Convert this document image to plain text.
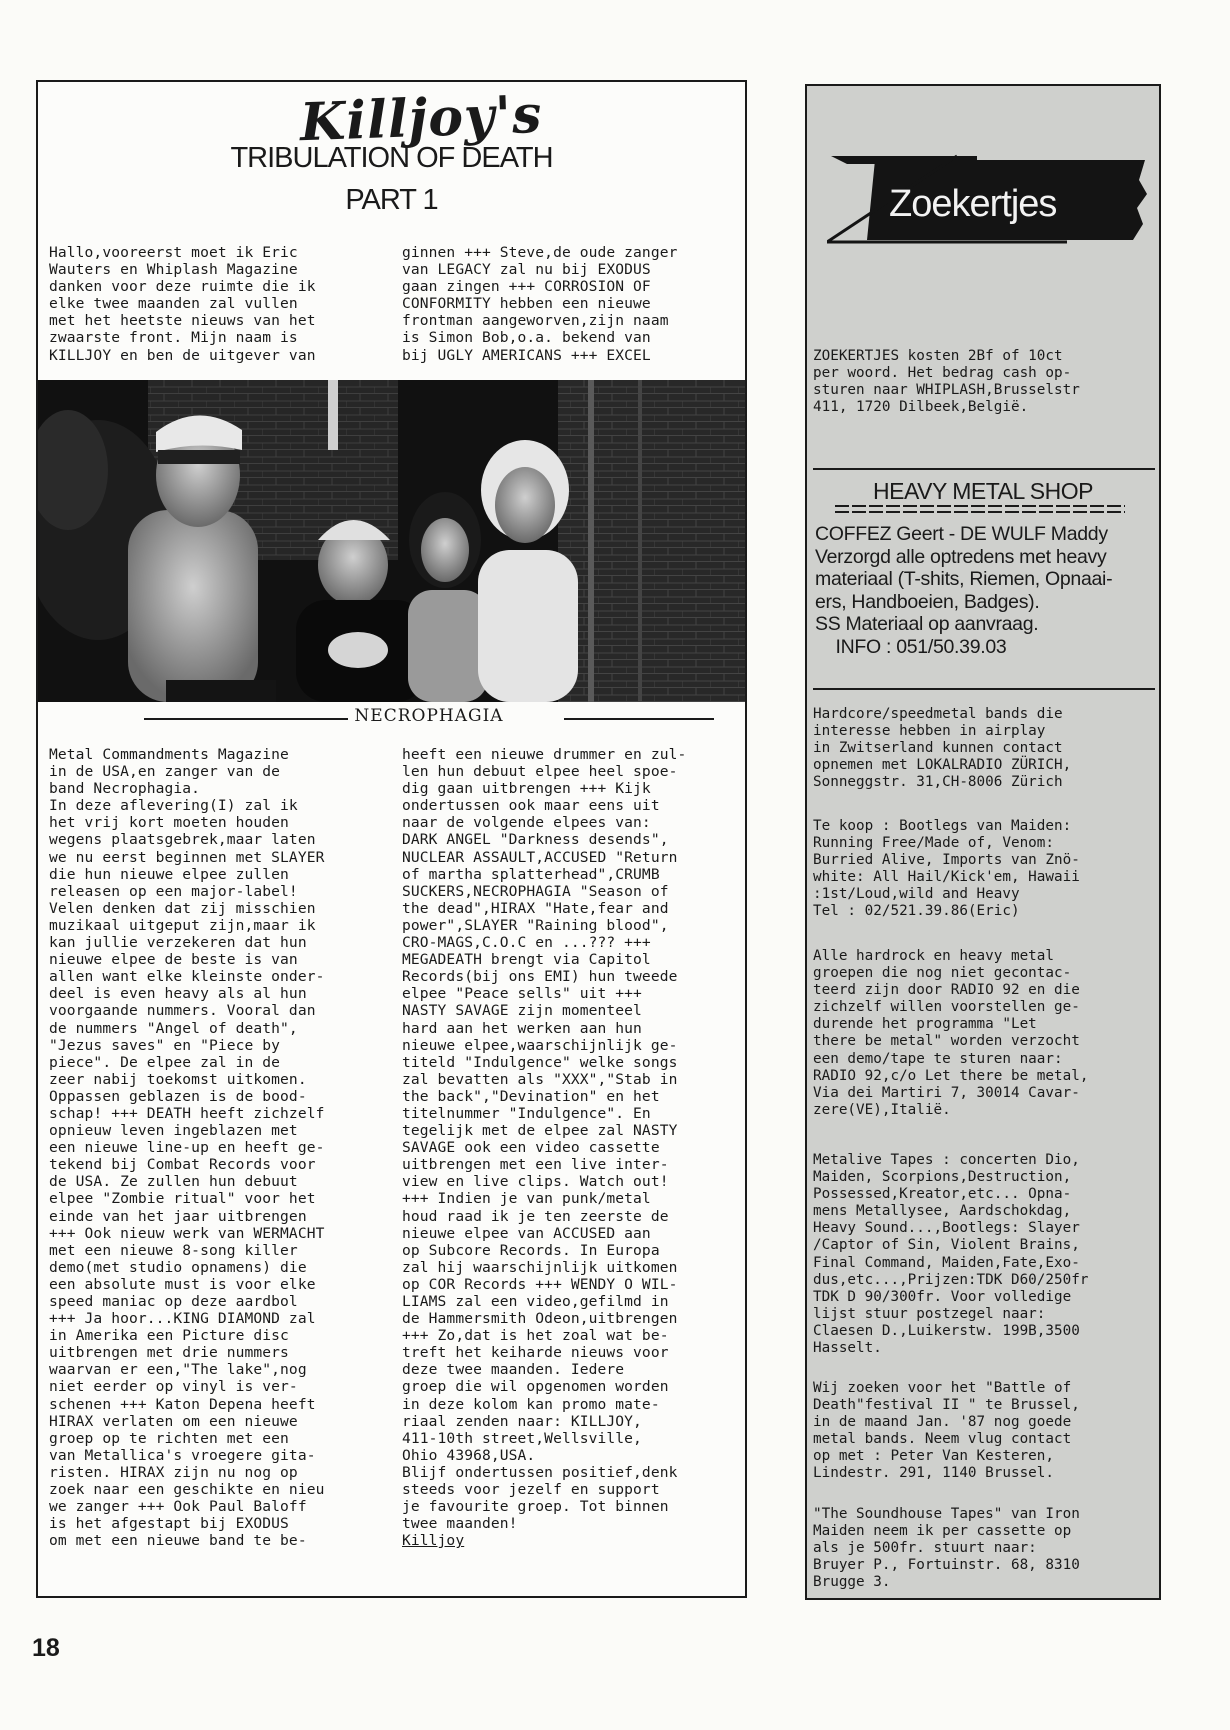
Killjoy's
TRIBULATION OF DEATH
PART 1
Hallo,vooreerst moet ik Eric
Wauters en Whiplash Magazine
danken voor deze ruimte die ik
elke twee maanden zal vullen
met het heetste nieuws van het
zwaarste front. Mijn naam is
KILLJOY en ben de uitgever van
ginnen +++ Steve,de oude zanger
van LEGACY zal nu bij EXODUS
gaan zingen +++ CORROSION OF
CONFORMITY hebben een nieuwe
frontman aangeworven,zijn naam
is Simon Bob,o.a. bekend van
bij UGLY AMERICANS +++ EXCEL
NECROPHAGIA
Metal Commandments Magazine
in de USA,en zanger van de
band Necrophagia.
In deze aflevering(I) zal ik
het vrij kort moeten houden
wegens plaatsgebrek,maar laten
we nu eerst beginnen met SLAYER
die hun nieuwe elpee zullen
releasen op een major-label!
Velen denken dat zij misschien
muzikaal uitgeput zijn,maar ik
kan jullie verzekeren dat hun
nieuwe elpee de beste is van
allen want elke kleinste onder-
deel is even heavy als al hun
voorgaande nummers. Vooral dan
de nummers "Angel of death",
"Jezus saves" en "Piece by
piece". De elpee zal in de
zeer nabij toekomst uitkomen.
Oppassen geblazen is de bood-
schap! +++ DEATH heeft zichzelf
opnieuw leven ingeblazen met
een nieuwe line-up en heeft ge-
tekend bij Combat Records voor
de USA. Ze zullen hun debuut
elpee "Zombie ritual" voor het
einde van het jaar uitbrengen
+++ Ook nieuw werk van WERMACHT
met een nieuwe 8-song killer
demo(met studio opnamens) die
een absolute must is voor elke
speed maniac op deze aardbol
+++ Ja hoor...KING DIAMOND zal
in Amerika een Picture disc
uitbrengen met drie nummers
waarvan er een,"The lake",nog
niet eerder op vinyl is ver-
schenen +++ Katon Depena heeft
HIRAX verlaten om een nieuwe
groep op te richten met een
van Metallica's vroegere gita-
risten. HIRAX zijn nu nog op
zoek naar een geschikte en nieu
we zanger +++ Ook Paul Baloff
is het afgestapt bij EXODUS
om met een nieuwe band te be-
heeft een nieuwe drummer en zul-
len hun debuut elpee heel spoe-
dig gaan uitbrengen +++ Kijk
ondertussen ook maar eens uit
naar de volgende elpees van:
DARK ANGEL "Darkness desends",
NUCLEAR ASSAULT,ACCUSED "Return
of martha splatterhead",CRUMB
SUCKERS,NECROPHAGIA "Season of
the dead",HIRAX "Hate,fear and
power",SLAYER "Raining blood",
CRO-MAGS,C.O.C en ...??? +++
MEGADEATH brengt via Capitol
Records(bij ons EMI) hun tweede
elpee "Peace sells" uit +++
NASTY SAVAGE zijn momenteel
hard aan het werken aan hun
nieuwe elpee,waarschijnlijk ge-
titeld "Indulgence" welke songs
zal bevatten als "XXX","Stab in
the back","Devination" en het
titelnummer "Indulgence". En
tegelijk met de elpee zal NASTY
SAVAGE ook een video cassette
uitbrengen met een live inter-
view en live clips. Watch out!
+++ Indien je van punk/metal
houd raad ik je ten zeerste de
nieuwe elpee van ACCUSED aan
op Subcore Records. In Europa
zal hij waarschijnlijk uitkomen
op COR Records +++ WENDY O WIL-
LIAMS zal een video,gefilmd in
de Hammersmith Odeon,uitbrengen
+++ Zo,dat is het zoal wat be-
treft het keiharde nieuws voor
deze twee maanden. Iedere
groep die wil opgenomen worden
in deze kolom kan promo mate-
riaal zenden naar: KILLJOY,
411-10th street,Wellsville,
Ohio 43968,USA.
Blijf ondertussen positief,denk
steeds voor jezelf en support
je favourite groep. Tot binnen
twee maanden!
Killjoy
Zoekertjes
ZOEKERTJES kosten 2Bf of 10ct
per woord. Het bedrag cash op-
sturen naar WHIPLASH,Brusselstr
411, 1720 Dilbeek,België.
HEAVY METAL SHOP
COFFEZ Geert - DE WULF Maddy
Verzorgd alle optredens met heavy
materiaal (T-shits, Riemen, Opnaai-
ers, Handboeien, Badges).
SS Materiaal op aanvraag.
INFO : 051/50.39.03
Hardcore/speedmetal bands die
interesse hebben in airplay
in Zwitserland kunnen contact
opnemen met LOKALRADIO ZÜRICH,
Sonneggstr. 31,CH-8006 Zürich
Te koop : Bootlegs van Maiden:
Running Free/Made of, Venom:
Burried Alive, Imports van Znö-
white: All Hail/Kick'em, Hawaii
:1st/Loud,wild and Heavy
Tel : 02/521.39.86(Eric)
Alle hardrock en heavy metal
groepen die nog niet gecontac-
teerd zijn door RADIO 92 en die
zichzelf willen voorstellen ge-
durende het programma "Let
there be metal" worden verzocht
een demo/tape te sturen naar:
RADIO 92,c/o Let there be metal,
Via dei Martiri 7, 30014 Cavar-
zere(VE),Italië.
Metalive Tapes : concerten Dio,
Maiden, Scorpions,Destruction,
Possessed,Kreator,etc... Opna-
mens Metallysee, Aardschokdag,
Heavy Sound...,Bootlegs: Slayer
/Captor of Sin, Violent Brains,
Final Command, Maiden,Fate,Exo-
dus,etc...,Prijzen:TDK D60/250fr
TDK D 90/300fr. Voor volledige
lijst stuur postzegel naar:
Claesen D.,Luikerstw. 199B,3500
Hasselt.
Wij zoeken voor het "Battle of
Death"festival II " te Brussel,
in de maand Jan. '87 nog goede
metal bands. Neem vlug contact
op met : Peter Van Kesteren,
Lindestr. 291, 1140 Brussel.
"The Soundhouse Tapes" van Iron
Maiden neem ik per cassette op
als je 500fr. stuurt naar:
Bruyer P., Fortuinstr. 68, 8310
Brugge 3.
18
